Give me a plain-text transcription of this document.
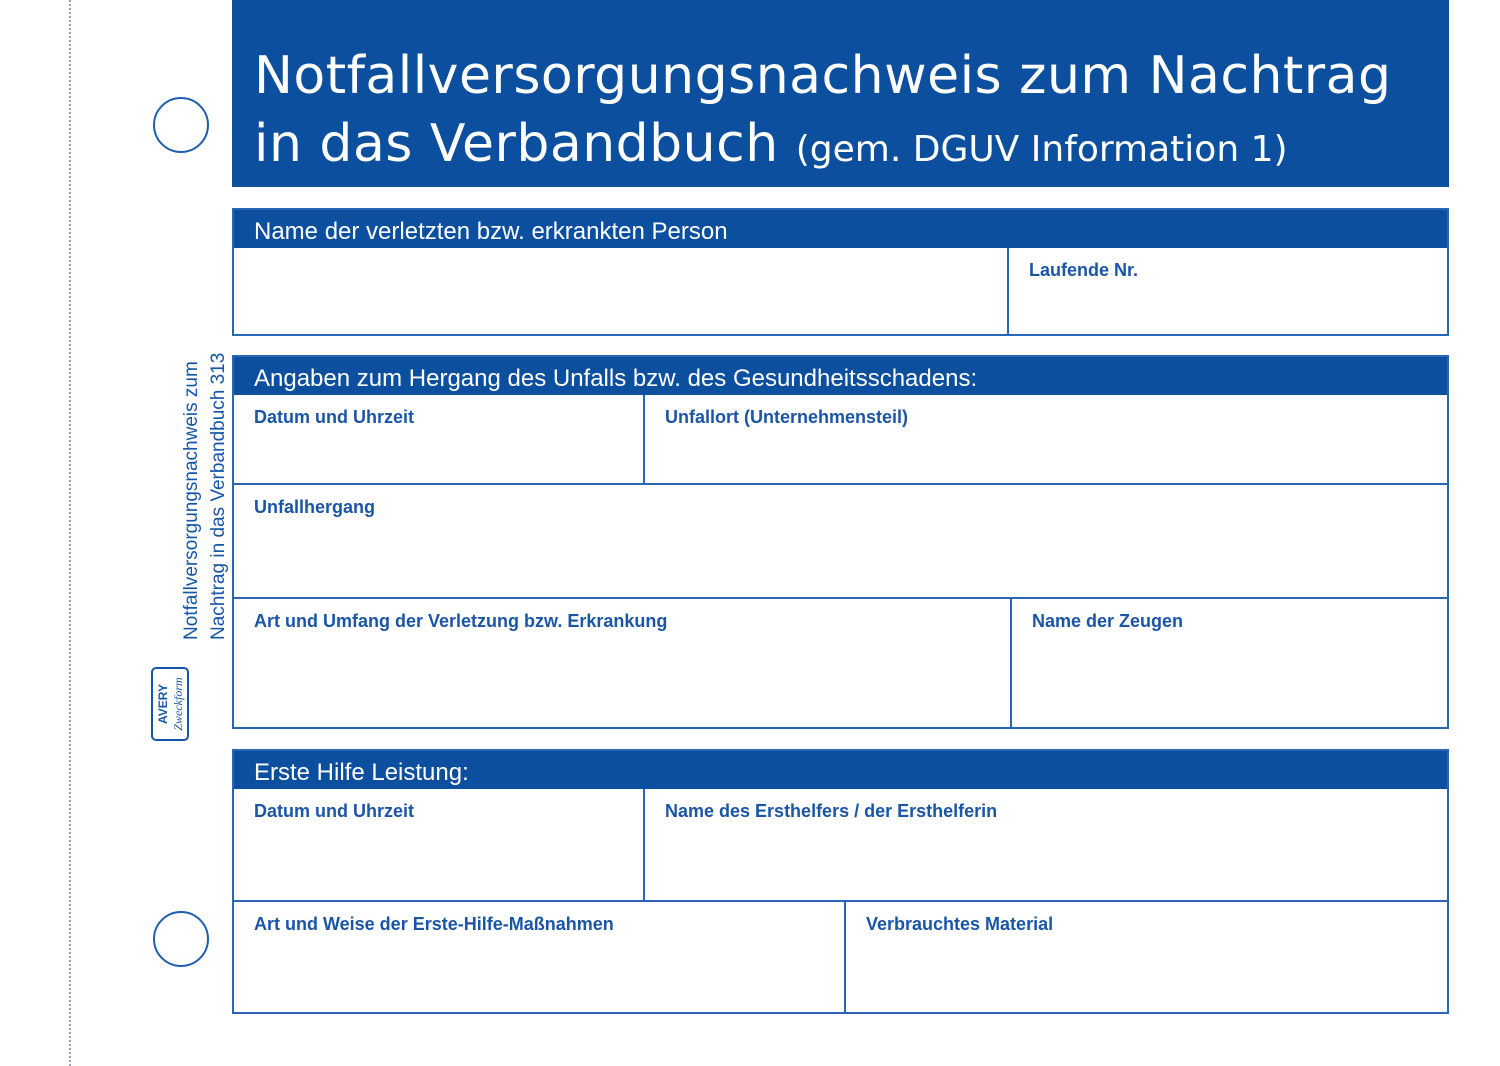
Notfallversorgungsnachweis zum Nachtrag in das Verbandbuch 313
AVERY Zweckform
Notfallversorgungsnachweis zum Nachtrag
in das Verbandbuch (gem. DGUV Information 1)
Name der verletzten bzw. erkrankten Person
Laufende Nr.
Angaben zum Hergang des Unfalls bzw. des Gesundheitsschadens:
Datum und Uhrzeit	Unfallort (Unternehmensteil)
Unfallhergang
Art und Umfang der Verletzung bzw. Erkrankung	Name der Zeugen
Erste Hilfe Leistung:
Datum und Uhrzeit	Name des Ersthelfers / der Ersthelferin
Art und Weise der Erste-Hilfe-Maßnahmen	Verbrauchtes Material
